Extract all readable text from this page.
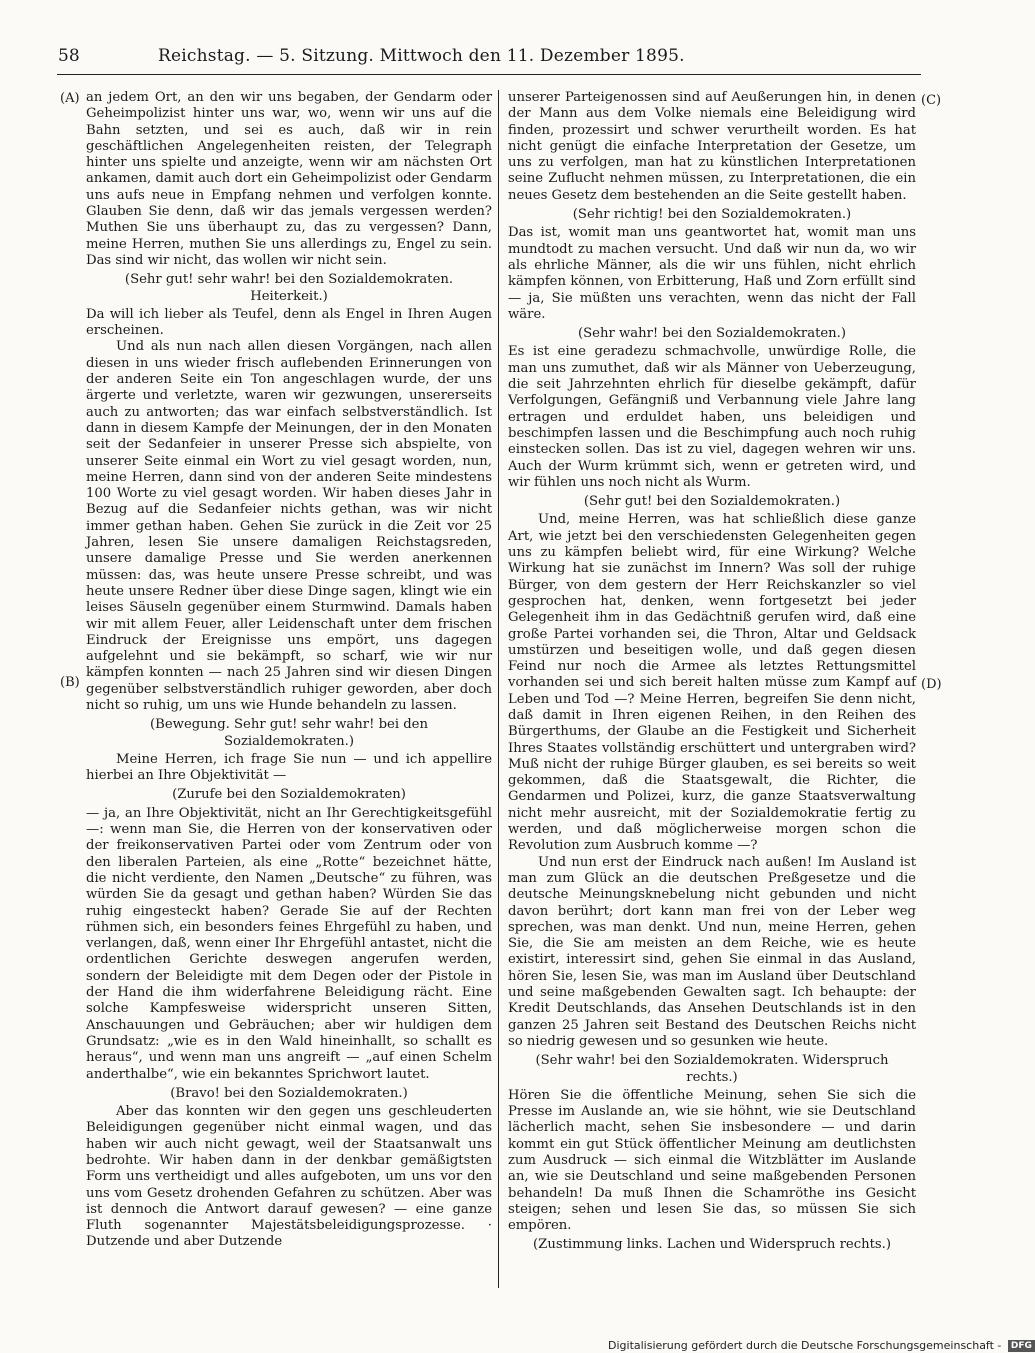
58	Reichstag. — 5. Sitzung. Mittwoch den 11. Dezember 1895.
(A)
(B)
(C)
(D)

an jedem Ort, an den wir uns begaben, der Gendarm oder Geheimpolizist hinter uns war, wo, wenn wir uns auf die Bahn setzten, und sei es auch, daß wir in rein geschäftlichen Angelegenheiten reisten, der Telegraph hinter uns spielte und anzeigte, wenn wir am nächsten Ort ankamen, damit auch dort ein Geheimpolizist oder Gendarm uns aufs neue in Empfang nehmen und verfolgen konnte. Glauben Sie denn, daß wir das jemals vergessen werden? Muthen Sie uns überhaupt zu, das zu vergessen? Dann, meine Herren, muthen Sie uns allerdings zu, Engel zu sein. Das sind wir nicht, das wollen wir nicht sein.

(Sehr gut! sehr wahr! bei den Sozialdemokraten. Heiterkeit.)

Da will ich lieber als Teufel, denn als Engel in Ihren Augen erscheinen.

Und als nun nach allen diesen Vorgängen, nach allen diesen in uns wieder frisch auflebenden Erinnerungen von der anderen Seite ein Ton angeschlagen wurde, der uns ärgerte und verletzte, waren wir gezwungen, unsererseits auch zu antworten; das war einfach selbstverständlich. Ist dann in diesem Kampfe der Meinungen, der in den Monaten seit der Sedanfeier in unserer Presse sich abspielte, von unserer Seite einmal ein Wort zu viel gesagt worden, nun, meine Herren, dann sind von der anderen Seite mindestens 100 Worte zu viel gesagt worden. Wir haben dieses Jahr in Bezug auf die Sedanfeier nichts gethan, was wir nicht immer gethan haben. Gehen Sie zurück in die Zeit vor 25 Jahren, lesen Sie unsere damaligen Reichstagsreden, unsere damalige Presse und Sie werden anerkennen müssen: das, was heute unsere Presse schreibt, und was heute unsere Redner über diese Dinge sagen, klingt wie ein leises Säuseln gegenüber einem Sturmwind. Damals haben wir mit allem Feuer, aller Leidenschaft unter dem frischen Eindruck der Ereignisse uns empört, uns dagegen aufgelehnt und sie bekämpft, so scharf, wie wir nur kämpfen konnten — nach 25 Jahren sind wir diesen Dingen gegenüber selbstverständlich ruhiger geworden, aber doch nicht so ruhig, um uns wie Hunde behandeln zu lassen.

(Bewegung. Sehr gut! sehr wahr! bei den Sozialdemokraten.)

Meine Herren, ich frage Sie nun — und ich appellire hierbei an Ihre Objektivität —

(Zurufe bei den Sozialdemokraten)

— ja, an Ihre Objektivität, nicht an Ihr Gerechtigkeitsgefühl —: wenn man Sie, die Herren von der konservativen oder der freikonservativen Partei oder vom Zentrum oder von den liberalen Parteien, als eine „Rotte“ bezeichnet hätte, die nicht verdiente, den Namen „Deutsche“ zu führen, was würden Sie da gesagt und gethan haben? Würden Sie das ruhig eingesteckt haben? Gerade Sie auf der Rechten rühmen sich, ein besonders feines Ehrgefühl zu haben, und verlangen, daß, wenn einer Ihr Ehrgefühl antastet, nicht die ordentlichen Gerichte deswegen angerufen werden, sondern der Beleidigte mit dem Degen oder der Pistole in der Hand die ihm widerfahrene Beleidigung rächt. Eine solche Kampfesweise widerspricht unseren Sitten, Anschauungen und Gebräuchen; aber wir huldigen dem Grundsatz: „wie es in den Wald hineinhallt, so schallt es heraus“, und wenn man uns angreift — „auf einen Schelm anderthalbe“, wie ein bekanntes Sprichwort lautet.

(Bravo! bei den Sozialdemokraten.)

Aber das konnten wir den gegen uns geschleuderten Beleidigungen gegenüber nicht einmal wagen, und das haben wir auch nicht gewagt, weil der Staatsanwalt uns bedrohte. Wir haben dann in der denkbar gemäßigtsten Form uns vertheidigt und alles aufgeboten, um uns vor den uns vom Gesetz drohenden Gefahren zu schützen. Aber was ist dennoch die Antwort darauf gewesen? — eine ganze Fluth sogenannter Majestätsbeleidigungsprozesse. · Dutzende und aber Dutzende

unserer Parteigenossen sind auf Aeußerungen hin, in denen der Mann aus dem Volke niemals eine Beleidigung wird finden, prozessirt und schwer verurtheilt worden. Es hat nicht genügt die einfache Interpretation der Gesetze, um uns zu verfolgen, man hat zu künstlichen Interpretationen seine Zuflucht nehmen müssen, zu Interpretationen, die ein neues Gesetz dem bestehenden an die Seite gestellt haben.

(Sehr richtig! bei den Sozialdemokraten.)

Das ist, womit man uns geantwortet hat, womit man uns mundtodt zu machen versucht. Und daß wir nun da, wo wir als ehrliche Männer, als die wir uns fühlen, nicht ehrlich kämpfen können, von Erbitterung, Haß und Zorn erfüllt sind — ja, Sie müßten uns verachten, wenn das nicht der Fall wäre.

(Sehr wahr! bei den Sozialdemokraten.)

Es ist eine geradezu schmachvolle, unwürdige Rolle, die man uns zumuthet, daß wir als Männer von Ueberzeugung, die seit Jahrzehnten ehrlich für dieselbe gekämpft, dafür Verfolgungen, Gefängniß und Verbannung viele Jahre lang ertragen und erduldet haben, uns beleidigen und beschimpfen lassen und die Beschimpfung auch noch ruhig einstecken sollen. Das ist zu viel, dagegen wehren wir uns. Auch der Wurm krümmt sich, wenn er getreten wird, und wir fühlen uns noch nicht als Wurm.

(Sehr gut! bei den Sozialdemokraten.)

Und, meine Herren, was hat schließlich diese ganze Art, wie jetzt bei den verschiedensten Gelegenheiten gegen uns zu kämpfen beliebt wird, für eine Wirkung? Welche Wirkung hat sie zunächst im Innern? Was soll der ruhige Bürger, von dem gestern der Herr Reichskanzler so viel gesprochen hat, denken, wenn fortgesetzt bei jeder Gelegenheit ihm in das Gedächtniß gerufen wird, daß eine große Partei vorhanden sei, die Thron, Altar und Geldsack umstürzen und beseitigen wolle, und daß gegen diesen Feind nur noch die Armee als letztes Rettungsmittel vorhanden sei und sich bereit halten müsse zum Kampf auf Leben und Tod —? Meine Herren, begreifen Sie denn nicht, daß damit in Ihren eigenen Reihen, in den Reihen des Bürgerthums, der Glaube an die Festigkeit und Sicherheit Ihres Staates vollständig erschüttert und untergraben wird? Muß nicht der ruhige Bürger glauben, es sei bereits so weit gekommen, daß die Staatsgewalt, die Richter, die Gendarmen und Polizei, kurz, die ganze Staatsverwaltung nicht mehr ausreicht, mit der Sozialdemokratie fertig zu werden, und daß möglicherweise morgen schon die Revolution zum Ausbruch komme —?

Und nun erst der Eindruck nach außen! Im Ausland ist man zum Glück an die deutschen Preßgesetze und die deutsche Meinungsknebelung nicht gebunden und nicht davon berührt; dort kann man frei von der Leber weg sprechen, was man denkt. Und nun, meine Herren, gehen Sie, die Sie am meisten an dem Reiche, wie es heute existirt, interessirt sind, gehen Sie einmal in das Ausland, hören Sie, lesen Sie, was man im Ausland über Deutschland und seine maßgebenden Gewalten sagt. Ich behaupte: der Kredit Deutschlands, das Ansehen Deutschlands ist in den ganzen 25 Jahren seit Bestand des Deutschen Reichs nicht so niedrig gewesen und so gesunken wie heute.

(Sehr wahr! bei den Sozialdemokraten. Widerspruch rechts.)

Hören Sie die öffentliche Meinung, sehen Sie sich die Presse im Auslande an, wie sie höhnt, wie sie Deutschland lächerlich macht, sehen Sie insbesondere — und darin kommt ein gut Stück öffentlicher Meinung am deutlichsten zum Ausdruck — sich einmal die Witzblätter im Auslande an, wie sie Deutschland und seine maßgebenden Personen behandeln! Da muß Ihnen die Schamröthe ins Gesicht steigen; sehen und lesen Sie das, so müssen Sie sich empören.

(Zustimmung links. Lachen und Widerspruch rechts.)

Digitalisierung gefördert durch die Deutsche Forschungsgemeinschaft - DFG
